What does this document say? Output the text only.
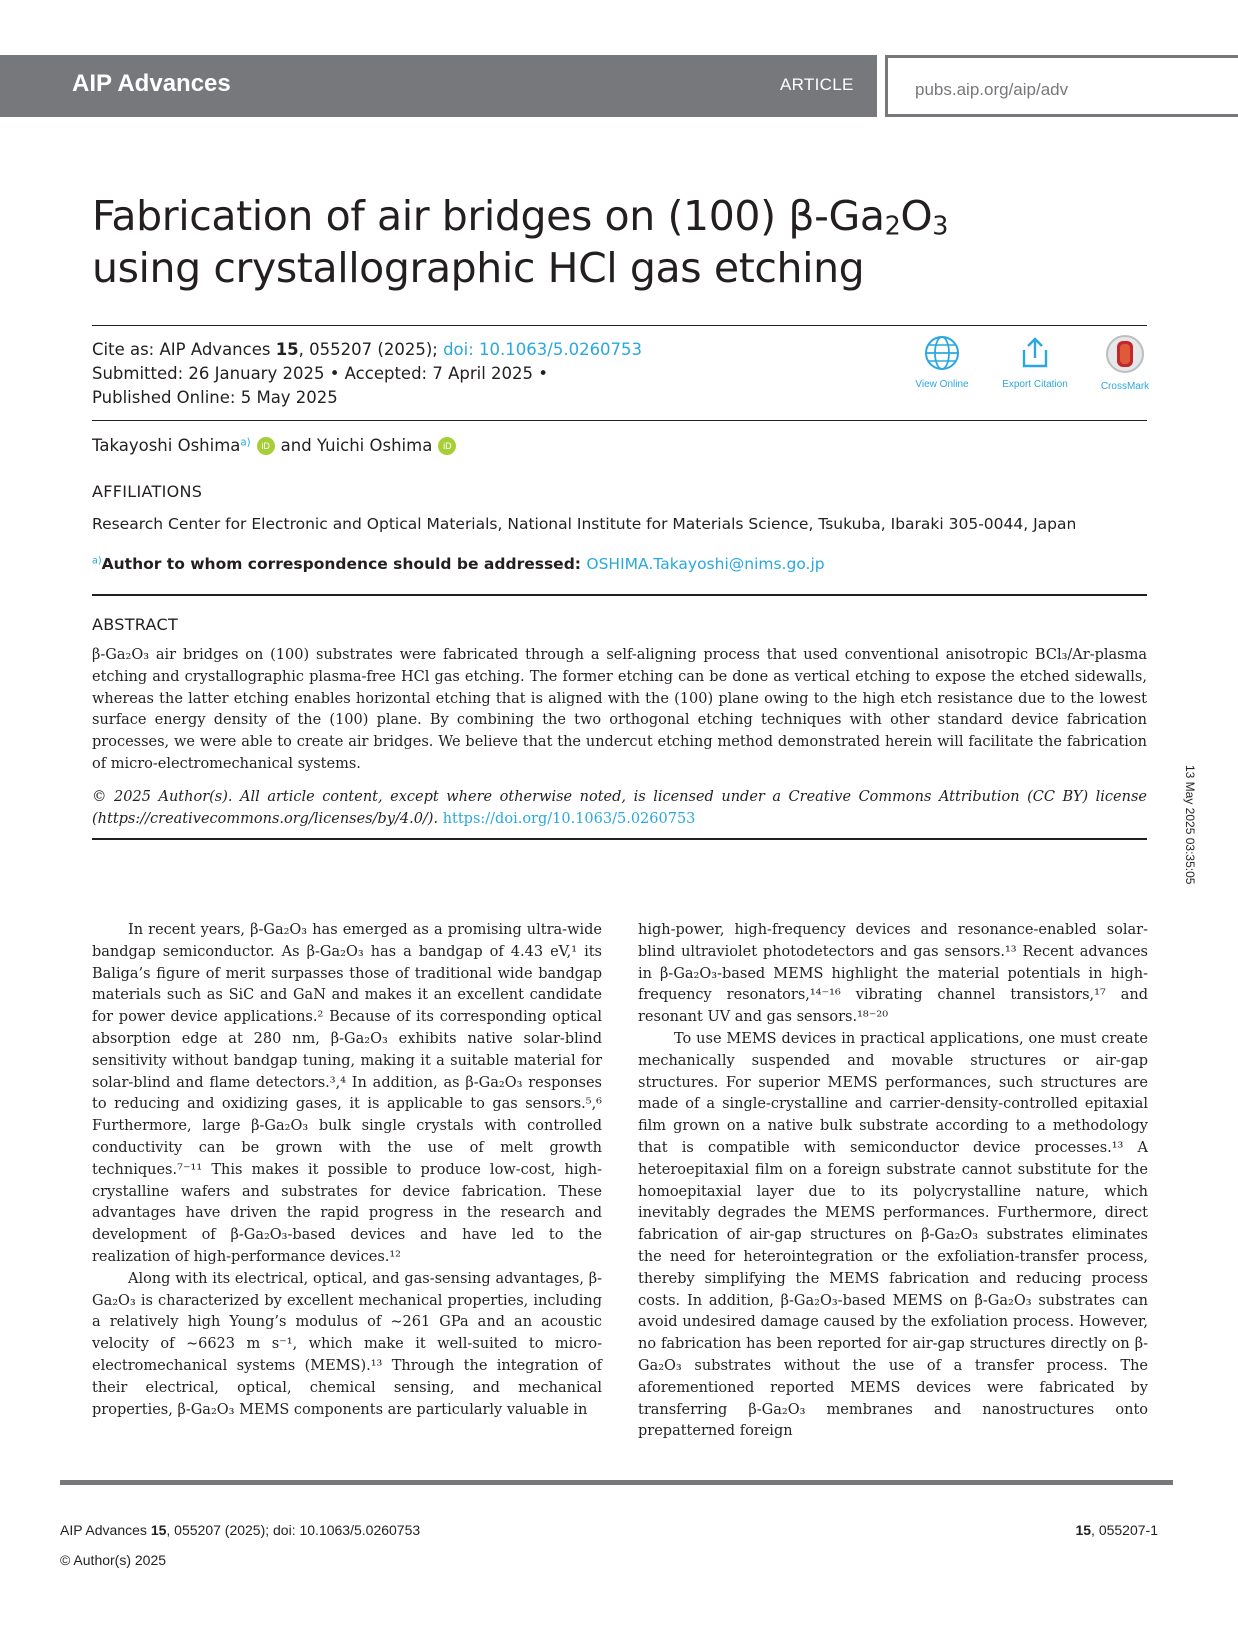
AIP Advances	ARTICLE	pubs.aip.org/aip/adv
Fabrication of air bridges on (100) $\beta-Ga_2O_3$
using crystallographic HCl gas etching
Cite as: AIP Advances 15, 055207 (2025); doi: 10.1063/5.0260753
Submitted: 26 January 2025 • Accepted: 7 April 2025 •
Published Online: 5 May 2025
View Online	Export Citation	CrossMark
Takayoshi Oshima$^{a)}$ iD and Yuichi Oshima iD
AFFILIATIONS
Research Center for Electronic and Optical Materials, National Institute for Materials Science, Tsukuba, Ibaraki 305-0044, Japan
$^{a)}$Author to whom correspondence should be addressed: OSHIMA.Takayoshi@nims.go.jp
ABSTRACT
β-Ga₂O₃ air bridges on (100) substrates were fabricated through a self-aligning process that used conventional anisotropic BCl₃/Ar-plasma etching and crystallographic plasma-free HCl gas etching. The former etching can be done as vertical etching to expose the etched sidewalls, whereas the latter etching enables horizontal etching that is aligned with the (100) plane owing to the high etch resistance due to the lowest surface energy density of the (100) plane. By combining the two orthogonal etching techniques with other standard device fabrication processes, we were able to create air bridges. We believe that the undercut etching method demonstrated herein will facilitate the fabrication of micro-electromechanical systems.
© 2025 Author(s). All article content, except where otherwise noted, is licensed under a Creative Commons Attribution (CC BY) license (https://creativecommons.org/licenses/by/4.0/). https://doi.org/10.1063/5.0260753

In recent years, β-Ga₂O₃ has emerged as a promising ultra-wide bandgap semiconductor. As β-Ga₂O₃ has a bandgap of 4.43 eV,¹ its Baliga’s figure of merit surpasses those of traditional wide bandgap materials such as SiC and GaN and makes it an excellent candidate for power device applications.² Because of its corresponding optical absorption edge at 280 nm, β-Ga₂O₃ exhibits native solar-blind sensitivity without bandgap tuning, making it a suitable material for solar-blind and flame detectors.³,⁴ In addition, as β-Ga₂O₃ responses to reducing and oxidizing gases, it is applicable to gas sensors.⁵,⁶ Furthermore, large β-Ga₂O₃ bulk single crystals with controlled conductivity can be grown with the use of melt growth techniques.⁷⁻¹¹ This makes it possible to produce low-cost, high-crystalline wafers and substrates for device fabrication. These advantages have driven the rapid progress in the research and development of β-Ga₂O₃-based devices and have led to the realization of high-performance devices.¹²

Along with its electrical, optical, and gas-sensing advantages, β-Ga₂O₃ is characterized by excellent mechanical properties, including a relatively high Young’s modulus of ∼261 GPa and an acoustic velocity of ∼6623 m s⁻¹, which make it well-suited to micro-electromechanical systems (MEMS).¹³ Through the integration of their electrical, optical, chemical sensing, and mechanical properties, β-Ga₂O₃ MEMS components are particularly valuable in

high-power, high-frequency devices and resonance-enabled solar-blind ultraviolet photodetectors and gas sensors.¹³ Recent advances in β-Ga₂O₃-based MEMS highlight the material potentials in high-frequency resonators,¹⁴⁻¹⁶ vibrating channel transistors,¹⁷ and resonant UV and gas sensors.¹⁸⁻²⁰

To use MEMS devices in practical applications, one must create mechanically suspended and movable structures or air-gap structures. For superior MEMS performances, such structures are made of a single-crystalline and carrier-density-controlled epitaxial film grown on a native bulk substrate according to a methodology that is compatible with semiconductor device processes.¹³ A heteroepitaxial film on a foreign substrate cannot substitute for the homoepitaxial layer due to its polycrystalline nature, which inevitably degrades the MEMS performances. Furthermore, direct fabrication of air-gap structures on β-Ga₂O₃ substrates eliminates the need for heterointegration or the exfoliation-transfer process, thereby simplifying the MEMS fabrication and reducing process costs. In addition, β-Ga₂O₃-based MEMS on β-Ga₂O₃ substrates can avoid undesired damage caused by the exfoliation process. However, no fabrication has been reported for air-gap structures directly on β-Ga₂O₃ substrates without the use of a transfer process. The aforementioned reported MEMS devices were fabricated by transferring β-Ga₂O₃ membranes and nanostructures onto prepatterned foreign

13 May 2025 03:35:05
AIP Advances 15, 055207 (2025); doi: 10.1063/5.0260753
© Author(s) 2025
15, 055207-1
